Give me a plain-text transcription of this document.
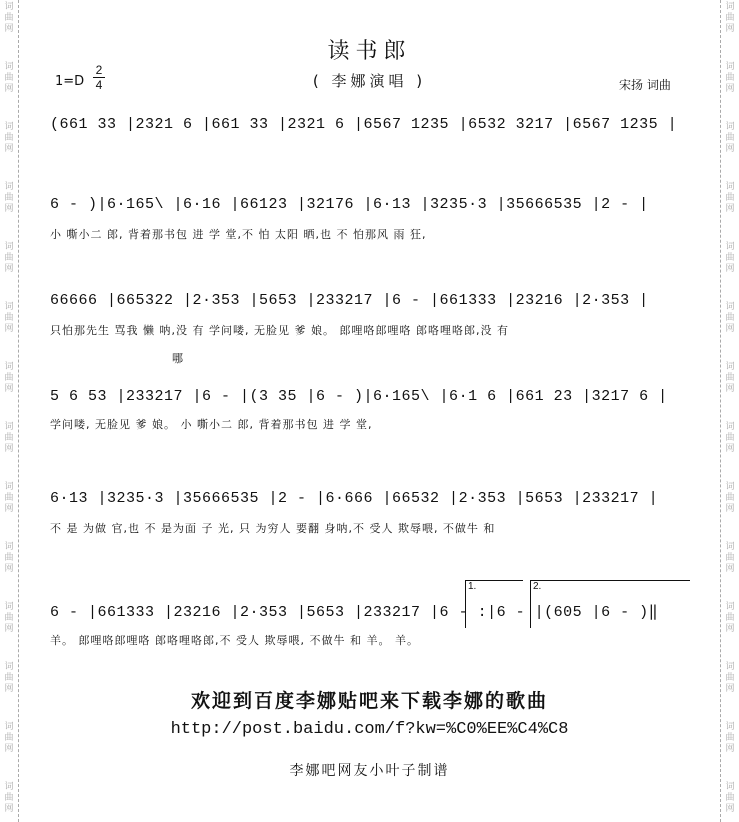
词曲网
词曲网
词曲网
词曲网
词曲网
词曲网
词曲网
词曲网
词曲网
词曲网
词曲网
词曲网
词曲网
词曲网
词曲网
词曲网
词曲网
词曲网
词曲网
词曲网
词曲网
词曲网
词曲网
词曲网
词曲网
词曲网
词曲网
词曲网
读书郎
( 李娜演唱 )
1=D
2
4	宋扬 词曲
(661 33 |2321 6 |661 33 |2321 6 |6567 1235 |6532 3217 |6567 1235 |
6 - )|6·165\ |6·16 |66123 |32176 |6·13 |3235·3 |35666535 |2 - |
小 嘶小二 郎, 背着那书包 进 学 堂,不 怕 太阳 晒,也 不 怕那风 雨 狂,
66666 |665322 |2·353 |5653 |233217 |6 - |661333 |23216 |2·353 |
只怕那先生 骂我 懒 呐,没 有 学问喽, 无脸见 爹 娘。 郎哩咯郎哩咯 郎咯哩咯郎,没 有
哪
5 6 53 |233217 |6 - |(3 35 |6 - )|6·165\ |6·1 6 |661 23 |3217 6 |
学问喽, 无脸见 爹 娘。 小 嘶小二 郎, 背着那书包 进 学 堂,
6·13 |3235·3 |35666535 |2 - |6·666 |66532 |2·353 |5653 |233217 |
不 是 为做 官,也 不 是为面 子 光, 只 为穷人 要翻 身呐,不 受人 欺辱喂, 不做牛 和
1.	2.
6 - |661333 |23216 |2·353 |5653 |233217 |6 - :|6 - |(605 |6 - )‖
羊。 郎哩咯郎哩咯 郎咯哩咯郎,不 受人 欺辱喂, 不做牛 和 羊。 羊。
欢迎到百度李娜贴吧来下载李娜的歌曲
http://post.baidu.com/f?kw=%C0%EE%C4%C8
李娜吧网友小叶子制谱
